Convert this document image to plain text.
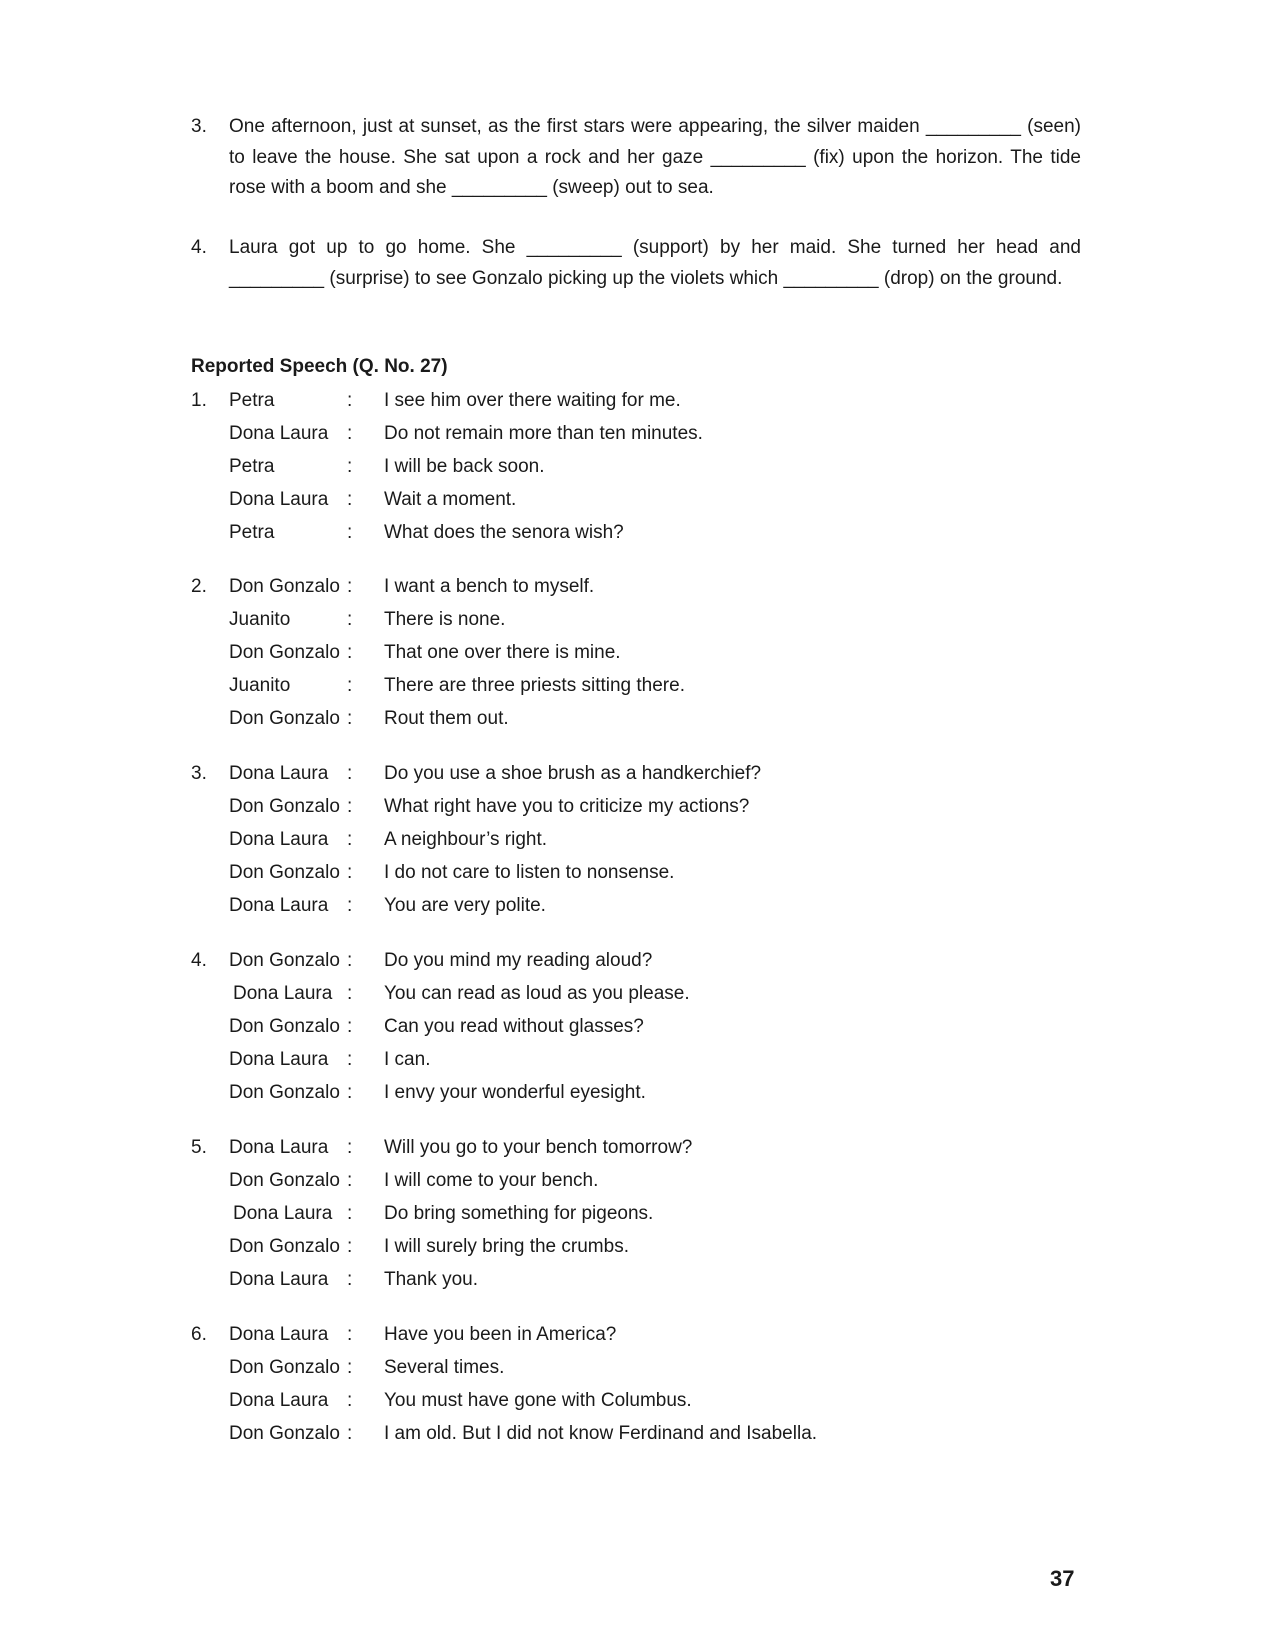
3. One afternoon, just at sunset, as the first stars were appearing, the silver maiden _________ (seen) to leave the house. She sat upon a rock and her gaze _________ (fix) upon the horizon. The tide rose with a boom and she _________ (sweep) out to sea.
4. Laura got up to go home. She _________ (support) by her maid. She turned her head and _________ (surprise) to see Gonzalo picking up the violets which _________ (drop) on the ground.
Reported Speech (Q. No. 27)
1. Petra	: I see him over there waiting for me.
Dona Laura : Do not remain more than ten minutes.
Petra	: I will be back soon.
Dona Laura : Wait a moment.
Petra	: What does the senora wish?
2. Don Gonzalo : I want a bench to myself.
Juanito	: There is none.
Don Gonzalo : That one over there is mine.
Juanito	: There are three priests sitting there.
Don Gonzalo : Rout them out.
3. Dona Laura : Do you use a shoe brush as a handkerchief?
Don Gonzalo : What right have you to criticize my actions?
Dona Laura : A neighbour’s right.
Don Gonzalo : I do not care to listen to nonsense.
Dona Laura : You are very polite.
4. Don Gonzalo : Do you mind my reading aloud?
Dona Laura : You can read as loud as you please.
Don Gonzalo : Can you read without glasses?
Dona Laura : I can.
Don Gonzalo : I envy your wonderful eyesight.
5. Dona Laura : Will you go to your bench tomorrow?
Don Gonzalo : I will come to your bench.
Dona Laura : Do bring something for pigeons.
Don Gonzalo : I will surely bring the crumbs.
Dona Laura : Thank you.
6. Dona Laura : Have you been in America?
Don Gonzalo : Several times.
Dona Laura : You must have gone with Columbus.
Don Gonzalo : I am old. But I did not know Ferdinand and Isabella.
37
